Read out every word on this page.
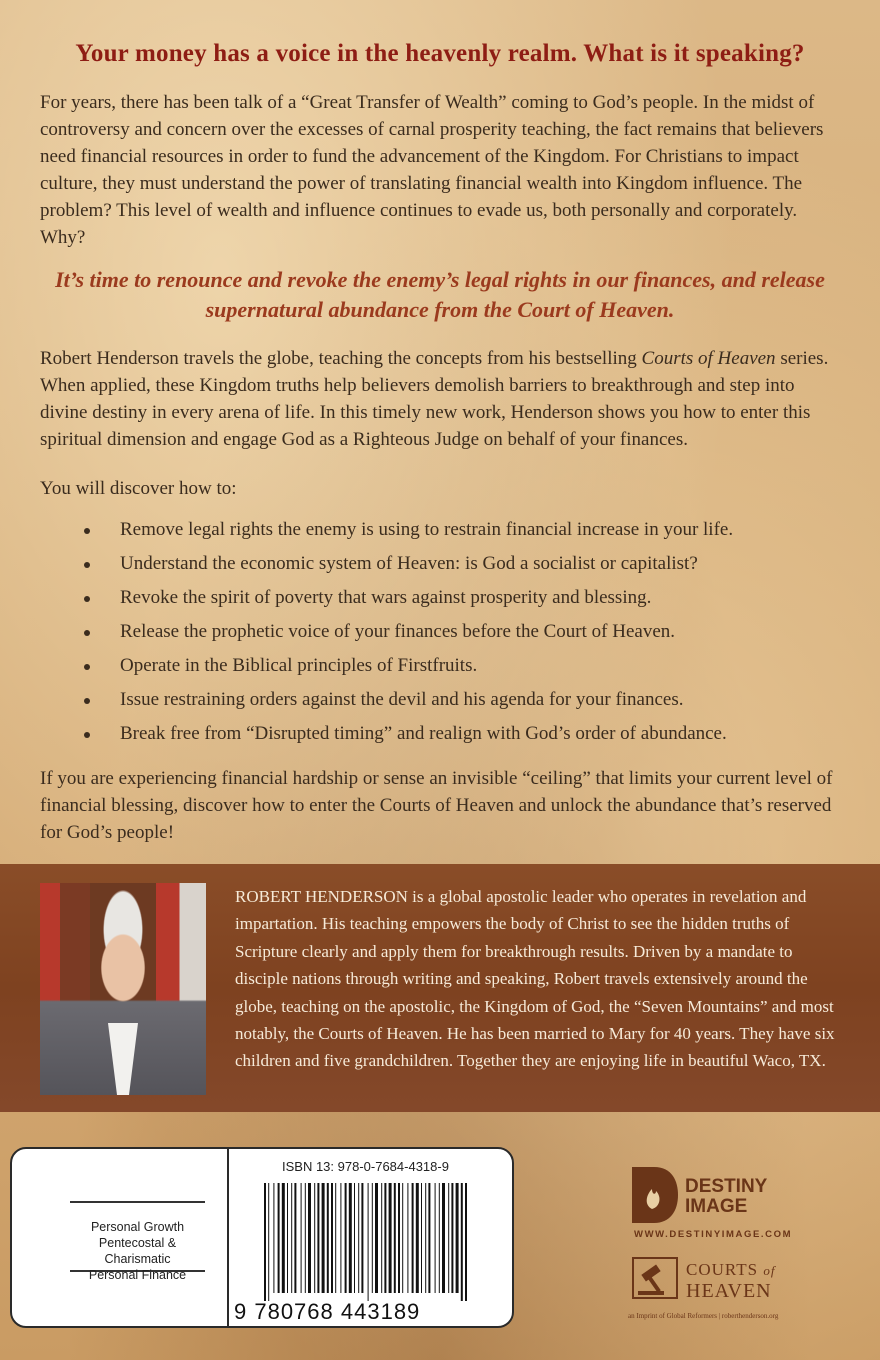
Your money has a voice in the heavenly realm. What is it speaking?
For years, there has been talk of a “Great Transfer of Wealth” coming to God’s people. In the midst of controversy and concern over the excesses of carnal prosperity teaching, the fact remains that believers need financial resources in order to fund the advancement of the Kingdom. For Christians to impact culture, they must understand the power of translating financial wealth into Kingdom influence. The problem? This level of wealth and influence continues to evade us, both personally and corporately. Why?
It’s time to renounce and revoke the enemy’s legal rights in our finances, and release supernatural abundance from the Court of Heaven.
Robert Henderson travels the globe, teaching the concepts from his bestselling Courts of Heaven series. When applied, these Kingdom truths help believers demolish barriers to breakthrough and step into divine destiny in every arena of life. In this timely new work, Henderson shows you how to enter this spiritual dimension and engage God as a Righteous Judge on behalf of your finances.
You will discover how to:
Remove legal rights the enemy is using to restrain financial increase in your life.
Understand the economic system of Heaven: is God a socialist or capitalist?
Revoke the spirit of poverty that wars against prosperity and blessing.
Release the prophetic voice of your finances before the Court of Heaven.
Operate in the Biblical principles of Firstfruits.
Issue restraining orders against the devil and his agenda for your finances.
Break free from “Disrupted timing” and realign with God’s order of abundance.
If you are experiencing financial hardship or sense an invisible “ceiling” that limits your current level of financial blessing, discover how to enter the Courts of Heaven and unlock the abundance that’s reserved for God’s people!
ROBERT HENDERSON is a global apostolic leader who operates in revelation and impartation. His teaching empowers the body of Christ to see the hidden truths of Scripture clearly and apply them for breakthrough results. Driven by a mandate to disciple nations through writing and speaking, Robert travels extensively around the globe, teaching on the apostolic, the Kingdom of God, the “Seven Mountains” and most notably, the Courts of Heaven. He has been married to Mary for 40 years. They have six children and five grandchildren. Together they are enjoying life in beautiful Waco, TX.
Personal Growth
Pentecostal & Charismatic
Personal Finance
ISBN 13: 978-0-7684-4318-9
9 780768 443189
DESTINY
IMAGE
WWW.DESTINYIMAGE.COM
COURTS of
HEAVEN
an Imprint of Global Reformers | roberthenderson.org
